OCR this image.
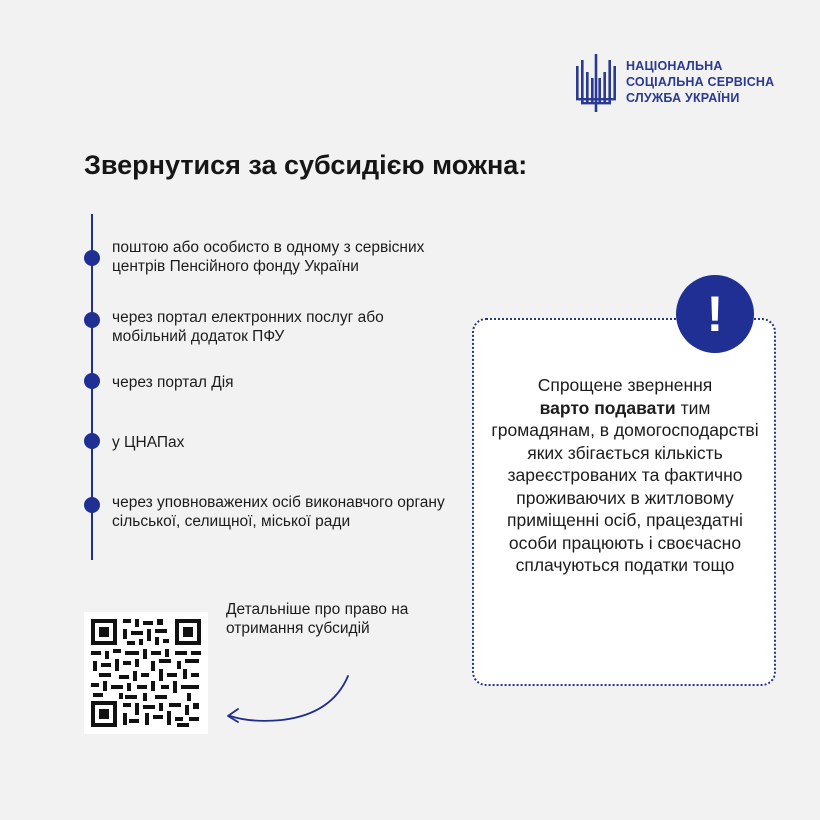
НАЦІОНАЛЬНА
СОЦІАЛЬНА СЕРВІСНА
СЛУЖБА УКРАЇНИ
Звернутися за субсидією можна:

поштою або особисто в одному з сервісних центрів Пенсійного фонду України

через портал електронних послуг або мобільний додаток ПФУ

через портал Дія

у ЦНАПах

через уповноважених осіб виконавчого органу сільської, селищної, міської ради

Детальніше про право на отримання субсидій

!

Спрощене звернення
варто подавати тим громадянам, в домогосподарстві яких збігається кількість зареєстрованих та фактично проживаючих в житловому приміщенні осіб, працездатні особи працюють і своєчасно сплачуються податки тощо
